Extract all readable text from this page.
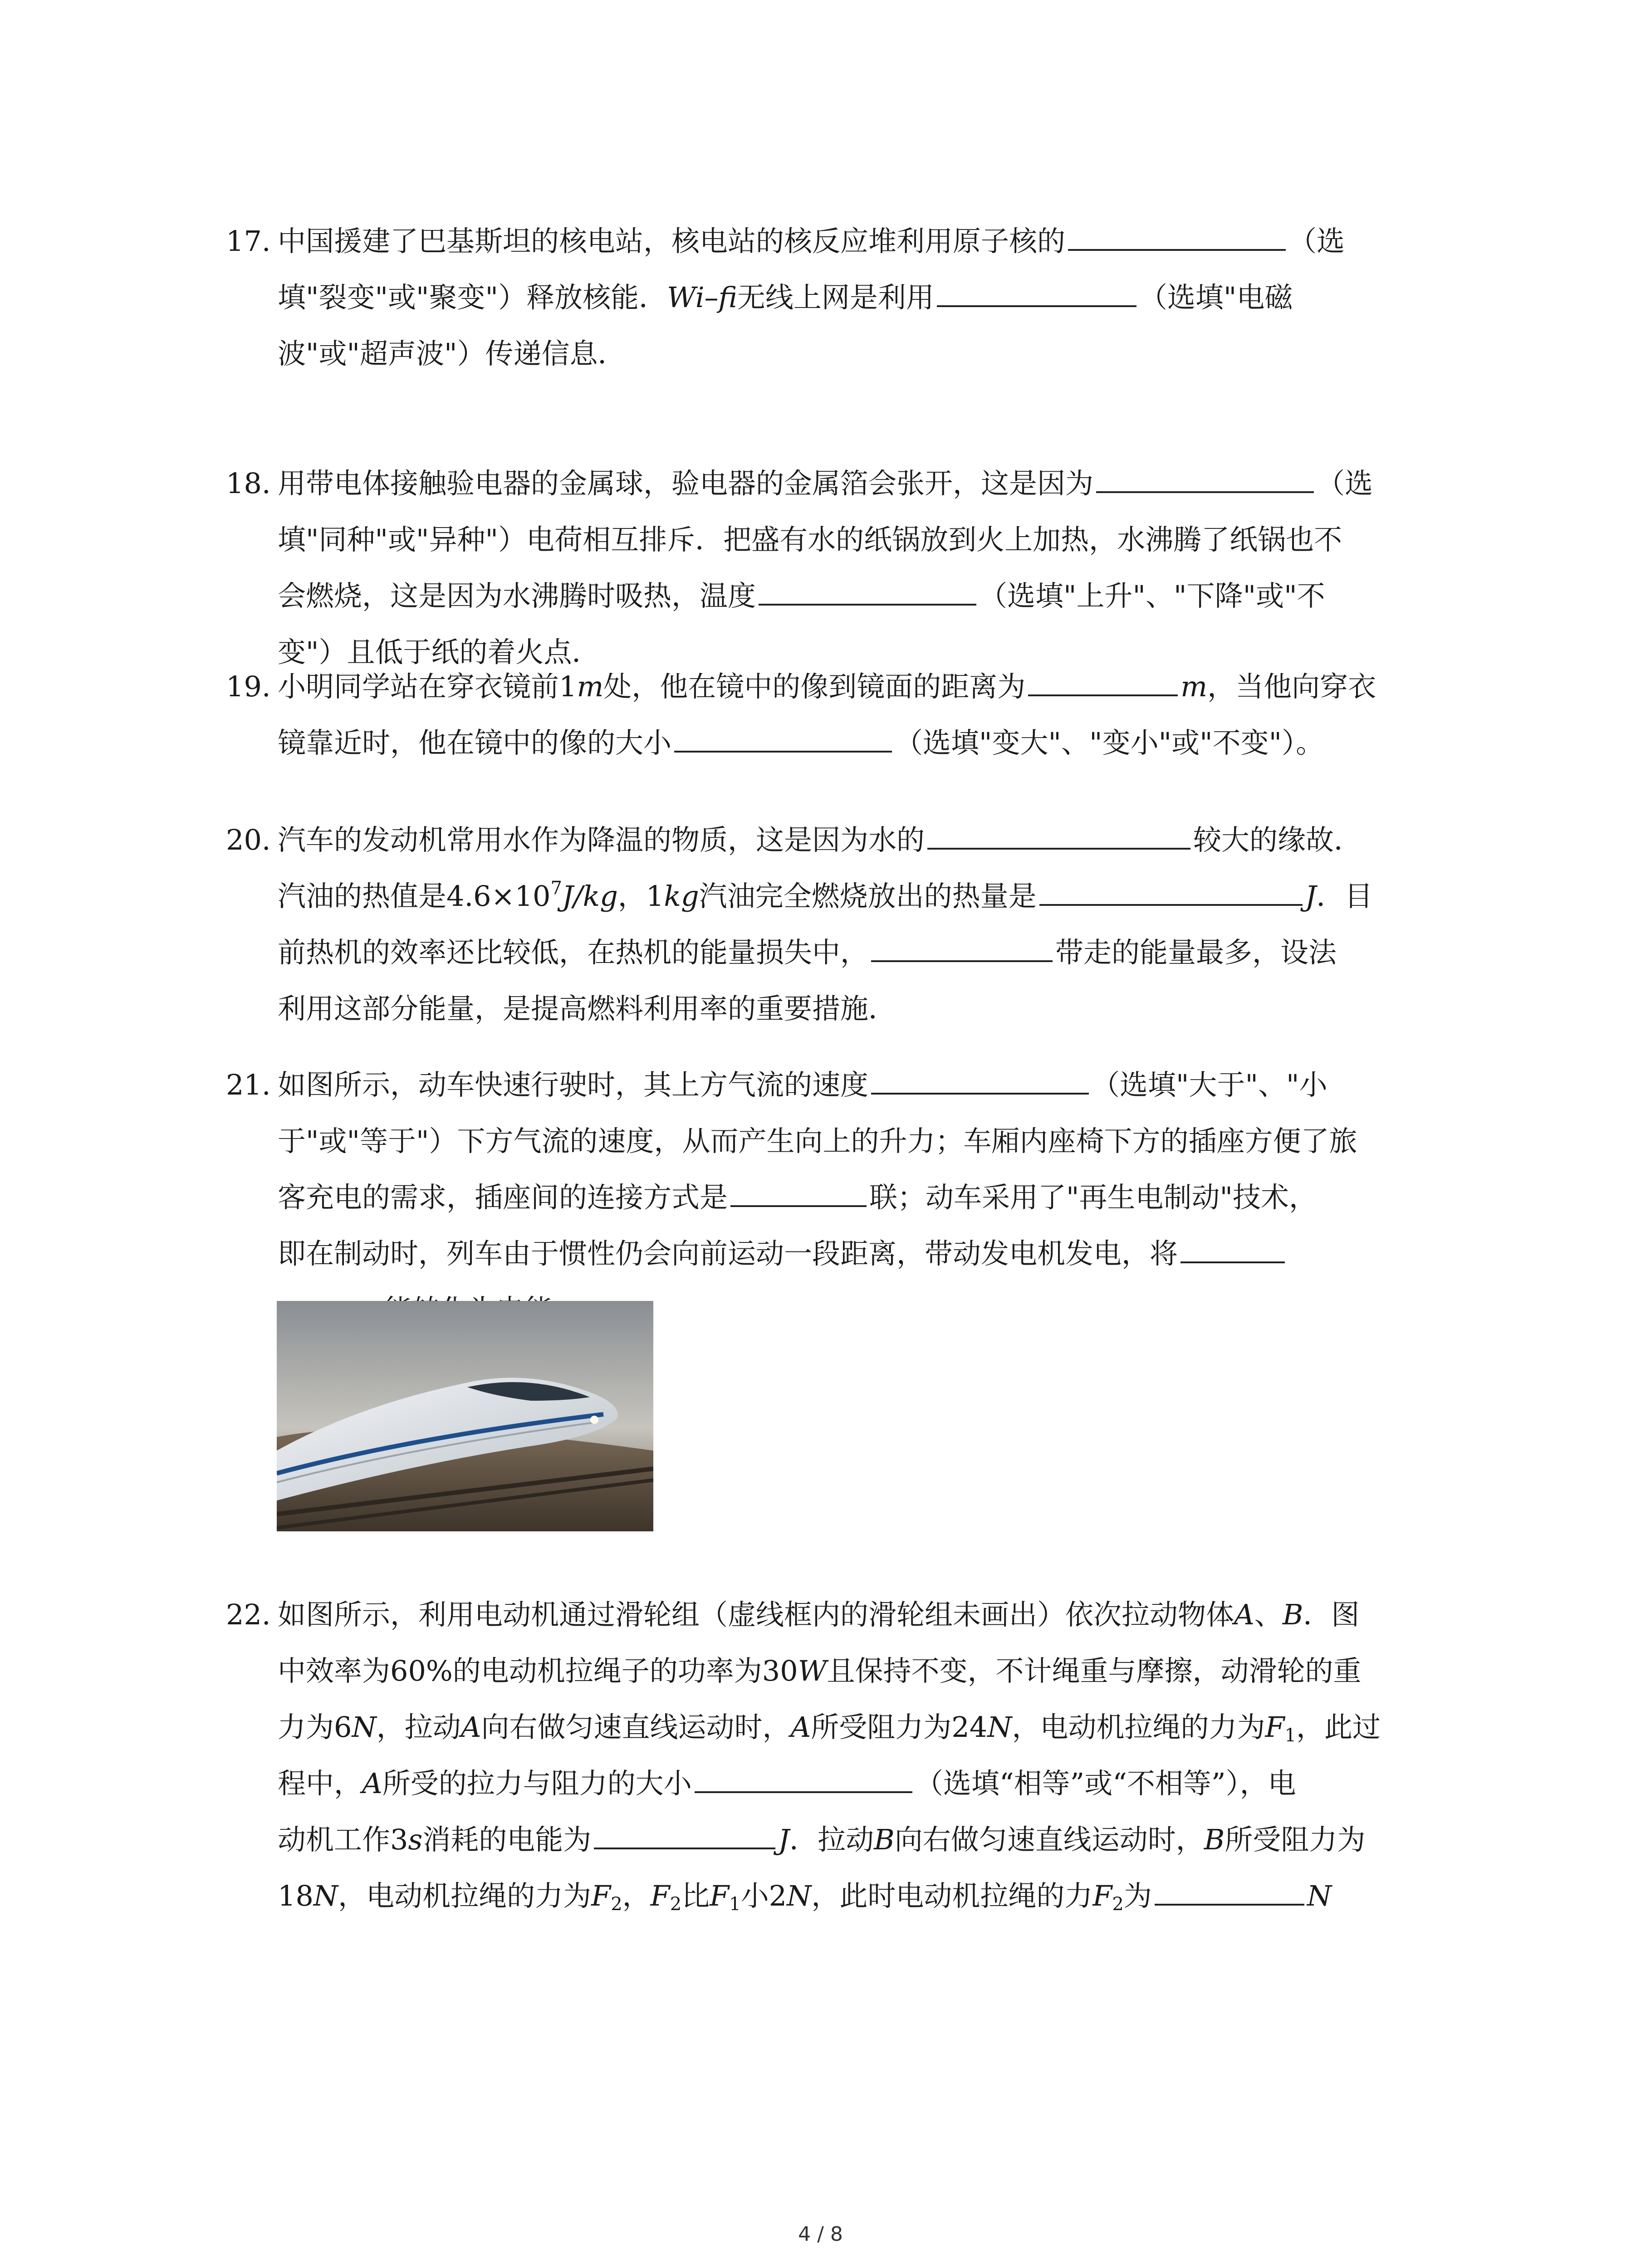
17. 中国援建了巴基斯坦的核电站，核电站的核反应堆利用原子核的	（选
填"裂变"或"聚变"）释放核能．Wi–fi无线上网是利用	（选填"电磁
波"或"超声波"）传递信息．
18. 用带电体接触验电器的金属球，验电器的金属箔会张开，这是因为	（选
填"同种"或"异种"）电荷相互排斥．把盛有水的纸锅放到火上加热，水沸腾了纸锅也不
会燃烧，这是因为水沸腾时吸热，温度	（选填"上升"、"下降"或"不
变"）且低于纸的着火点．
19. 小明同学站在穿衣镜前1m处，他在镜中的像到镜面的距离为	m，当他向穿衣
镜靠近时，他在镜中的像的大小	（选填"变大"、"变小"或"不变"）。
20. 汽车的发动机常用水作为降温的物质，这是因为水的	较大的缘故．
汽油的热值是$4.6\times 10^7J/kg$，1kg汽油完全燃烧放出的热量是	J．目
前热机的效率还比较低，在热机的能量损失中，	带走的能量最多，设法
利用这部分能量，是提高燃料利用率的重要措施．
21. 如图所示，动车快速行驶时，其上方气流的速度	（选填"大于"、"小
于"或"等于"）下方气流的速度，从而产生向上的升力；车厢内座椅下方的插座方便了旅
客充电的需求，插座间的连接方式是	联；动车采用了"再生电制动"技术，
即在制动时，列车由于惯性仍会向前运动一段距离，带动发电机发电，将
22. 如图所示，利用电动机通过滑轮组（虚线框内的滑轮组未画出）依次拉动物体A、B．图
中效率为60%的电动机拉绳子的功率为30W且保持不变，不计绳重与摩擦，动滑轮的重
力为6N，拉动A向右做匀速直线运动时，A所受阻力为24N，电动机拉绳的力为$F_1$，此过
程中，A所受的拉力与阻力的大小	（选填“相等”或“不相等”），电
动机工作3s消耗的电能为	J．拉动B向右做匀速直线运动时，B所受阻力为
18N，电动机拉绳的力为$F_2$，$F_2$比$F_1$小2N，此时电动机拉绳的力$F_2$为	N
4 / 8
